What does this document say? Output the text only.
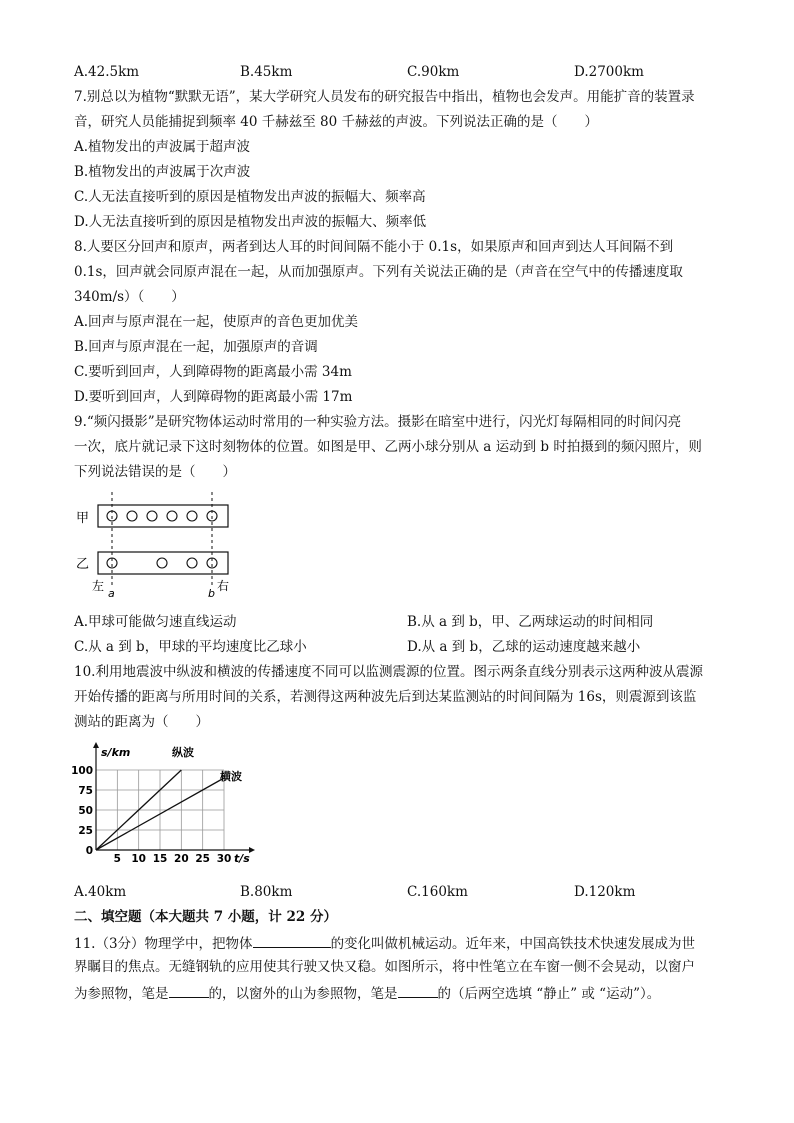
A.42.5km	B.45km	C.90km	D.2700km
7.别总以为植物“默默无语”，某大学研究人员发布的研究报告中指出，植物也会发声。用能扩音的装置录
音，研究人员能捕捉到频率 40 千赫兹至 80 千赫兹的声波。下列说法正确的是（　　）
A.植物发出的声波属于超声波
B.植物发出的声波属于次声波
C.人无法直接听到的原因是植物发出声波的振幅大、频率高
D.人无法直接听到的原因是植物发出声波的振幅大、频率低
8.人要区分回声和原声，两者到达人耳的时间间隔不能小于 0.1s，如果原声和回声到达人耳间隔不到
0.1s，回声就会同原声混在一起，从而加强原声。下列有关说法正确的是（声音在空气中的传播速度取
340m/s）（　　）
A.回声与原声混在一起，使原声的音色更加优美
B.回声与原声混在一起，加强原声的音调
C.要听到回声，人到障碍物的距离最小需 34m
D.要听到回声，人到障碍物的距离最小需 17m
9.“频闪摄影”是研究物体运动时常用的一种实验方法。摄影在暗室中进行，闪光灯每隔相同的时间闪亮
一次，底片就记录下这时刻物体的位置。如图是甲、乙两小球分别从 a 运动到 b 时拍摄到的频闪照片，则
下列说法错误的是（　　）
甲
乙
左
a	b
右
A.甲球可能做匀速直线运动	B.从 a 到 b，甲、乙两球运动的时间相同
C.从 a 到 b，甲球的平均速度比乙球小	D.从 a 到 b，乙球的运动速度越来越小
10.利用地震波中纵波和横波的传播速度不同可以监测震源的位置。图示两条直线分别表示这两种波从震源
开始传播的距离与所用时间的关系，若测得这两种波先后到达某监测站的时间间隔为 16s，则震源到该监
测站的距离为（　　）
5 10 15 20 25 30
0
25
50
75
100
s/km
t/s
纵波
横波
A.40km	B.80km	C.160km	D.120km
二、填空题（本大题共 7 小题，计 22 分）
11.（3分）物理学中，把物体	的变化叫做机械运动。近年来，中国高铁技术快速发展成为世
界瞩目的焦点。无缝钢轨的应用使其行驶又快又稳。如图所示，将中性笔立在车窗一侧不会晃动，以窗户
为参照物，笔是	的，以窗外的山为参照物，笔是	的（后两空选填 “静止” 或 “运动”）。
